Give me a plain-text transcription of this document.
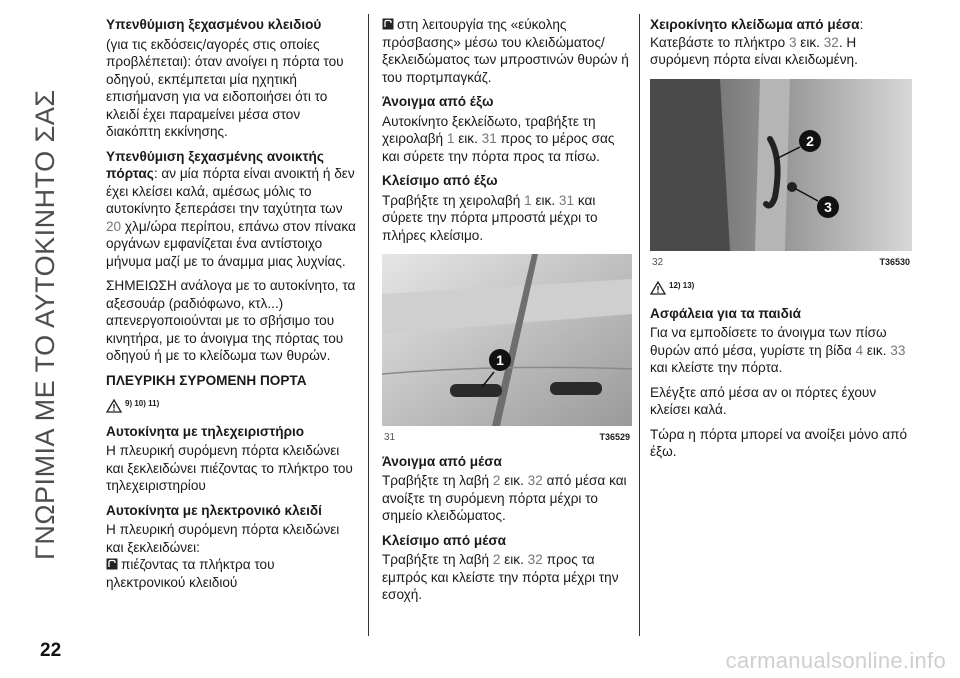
ΓΝΩΡΙΜΙΑ ΜΕ ΤΟ ΑΥΤΟΚΙΝΗΤΟ ΣΑΣ
22

Υπενθύμιση ξεχασμένου κλειδιού

(για τις εκδόσεις/αγορές στις οποίες προβλέπεται): όταν ανοίγει η πόρτα του οδηγού, εκπέμπεται μία ηχητική επισήμανση για να ειδοποιήσει ότι το κλειδί έχει παραμείνει μέσα στον διακόπτη εκκίνησης.

Υπενθύμιση ξεχασμένης ανοικτής πόρτας: αν μία πόρτα είναι ανοικτή ή δεν έχει κλείσει καλά, αμέσως μόλις το αυτοκίνητο ξεπεράσει την ταχύτητα των 20 χλμ/ώρα περίπου, επάνω στον πίνακα οργάνων εμφανίζεται ένα αντίστοιχο μήνυμα μαζί με το άναμμα μιας λυχνίας.

ΣΗΜΕΙΩΣΗ ανάλογα με το αυτοκίνητο, τα αξεσουάρ (ραδιόφωνο, κτλ...) απενεργοποιούνται με το σβήσιμο του κινητήρα, με το άνοιγμα της πόρτας του οδηγού ή με το κλείδωμα των θυρών.

ΠΛΕΥΡΙΚΗ ΣΥΡΟΜΕΝΗ ΠΟΡΤΑ

9) 10) 11)

Αυτοκίνητα με τηλεχειριστήριο

Η πλευρική συρόμενη πόρτα κλειδώνει και ξεκλειδώνει πιέζοντας το πλήκτρο του τηλεχειριστηρίου

Αυτοκίνητα με ηλεκτρονικό κλειδί

Η πλευρική συρόμενη πόρτα κλειδώνει και ξεκλειδώνει:

πιέζοντας τα πλήκτρα του ηλεκτρονικού κλειδιού

στη λειτουργία της «εύκολης πρόσβασης» μέσω του κλειδώματος/ξεκλειδώματος των μπροστινών θυρών ή του πορτμπαγκάζ.

Άνοιγμα από έξω

Αυτοκίνητο ξεκλείδωτο, τραβήξτε τη χειρολαβή 1 εικ. 31 προς το μέρος σας και σύρετε την πόρτα προς τα πίσω.

Κλείσιμο από έξω

Τραβήξτε τη χειρολαβή 1 εικ. 31 και σύρετε την πόρτα μπροστά μέχρι το πλήρες κλείσιμο.

1
31	T36529

Άνοιγμα από μέσα

Τραβήξτε τη λαβή 2 εικ. 32 από μέσα και ανοίξτε τη συρόμενη πόρτα μέχρι το σημείο κλειδώματος.

Κλείσιμο από μέσα

Τραβήξτε τη λαβή 2 εικ. 32 προς τα εμπρός και κλείστε την πόρτα μέχρι την εσοχή.

Χειροκίνητο κλείδωμα από μέσα: Κατεβάστε το πλήκτρο 3 εικ. 32. Η συρόμενη πόρτα είναι κλειδωμένη.

2
3
32	T36530
12) 13)

Ασφάλεια για τα παιδιά

Για να εμποδίσετε το άνοιγμα των πίσω θυρών από μέσα, γυρίστε τη βίδα 4 εικ. 33 και κλείστε την πόρτα.

Ελέγξτε από μέσα αν οι πόρτες έχουν κλείσει καλά.

Τώρα η πόρτα μπορεί να ανοίξει μόνο από έξω.

carmanualsonline.info
